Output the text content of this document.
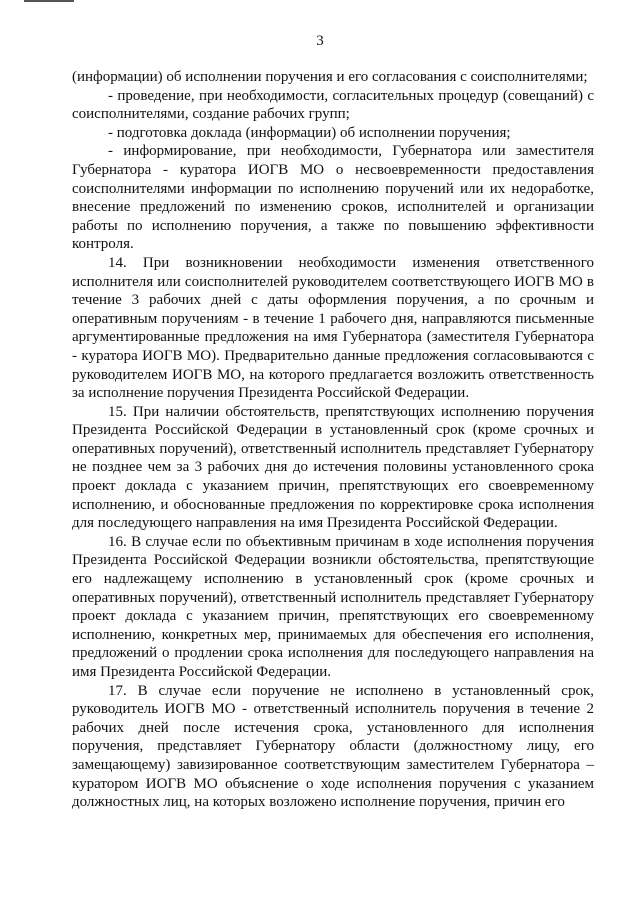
3

(информации) об исполнении поручения и его согласования с соисполнителями;

- проведение, при необходимости, согласительных процедур (совещаний) с соисполнителями, создание рабочих групп;

- подготовка доклада (информации) об исполнении поручения;

- информирование, при необходимости, Губернатора или заместителя Губернатора - куратора ИОГВ МО о несвоевременности предоставления соисполнителями информации по исполнению поручений или их недоработке, внесение предложений по изменению сроков, исполнителей и организации работы по исполнению поручения, а также по повышению эффективности контроля.

14. При возникновении необходимости изменения ответственного исполнителя или соисполнителей руководителем соответствующего ИОГВ МО в течение 3 рабочих дней с даты оформления поручения, а по срочным и оперативным поручениям - в течение 1 рабочего дня, направляются письменные аргументированные предложения на имя Губернатора (заместителя Губернатора - куратора ИОГВ МО). Предварительно данные предложения согласовываются с руководителем ИОГВ МО, на которого предлагается возложить ответственность за исполнение поручения Президента Российской Федерации.

15. При наличии обстоятельств, препятствующих исполнению поручения Президента Российской Федерации в установленный срок (кроме срочных и оперативных поручений), ответственный исполнитель представляет Губернатору не позднее чем за 3 рабочих дня до истечения половины установленного срока проект доклада с указанием причин, препятствующих его своевременному исполнению, и обоснованные предложения по корректировке срока исполнения для последующего направления на имя Президента Российской Федерации.

16. В случае если по объективным причинам в ходе исполнения поручения Президента Российской Федерации возникли обстоятельства, препятствующие его надлежащему исполнению в установленный срок (кроме срочных и оперативных поручений), ответственный исполнитель представляет Губернатору проект доклада с указанием причин, препятствующих его своевременному исполнению, конкретных мер, принимаемых для обеспечения его исполнения, предложений о продлении срока исполнения для последующего направления на имя Президента Российской Федерации.

17. В случае если поручение не исполнено в установленный срок, руководитель ИОГВ МО - ответственный исполнитель поручения в течение 2 рабочих дней после истечения срока, установленного для исполнения поручения, представляет Губернатору области (должностному лицу, его замещающему) завизированное соответствующим заместителем Губернатора – куратором ИОГВ МО объяснение о ходе исполнения поручения с указанием должностных лиц, на которых возложено исполнение поручения, причин его
